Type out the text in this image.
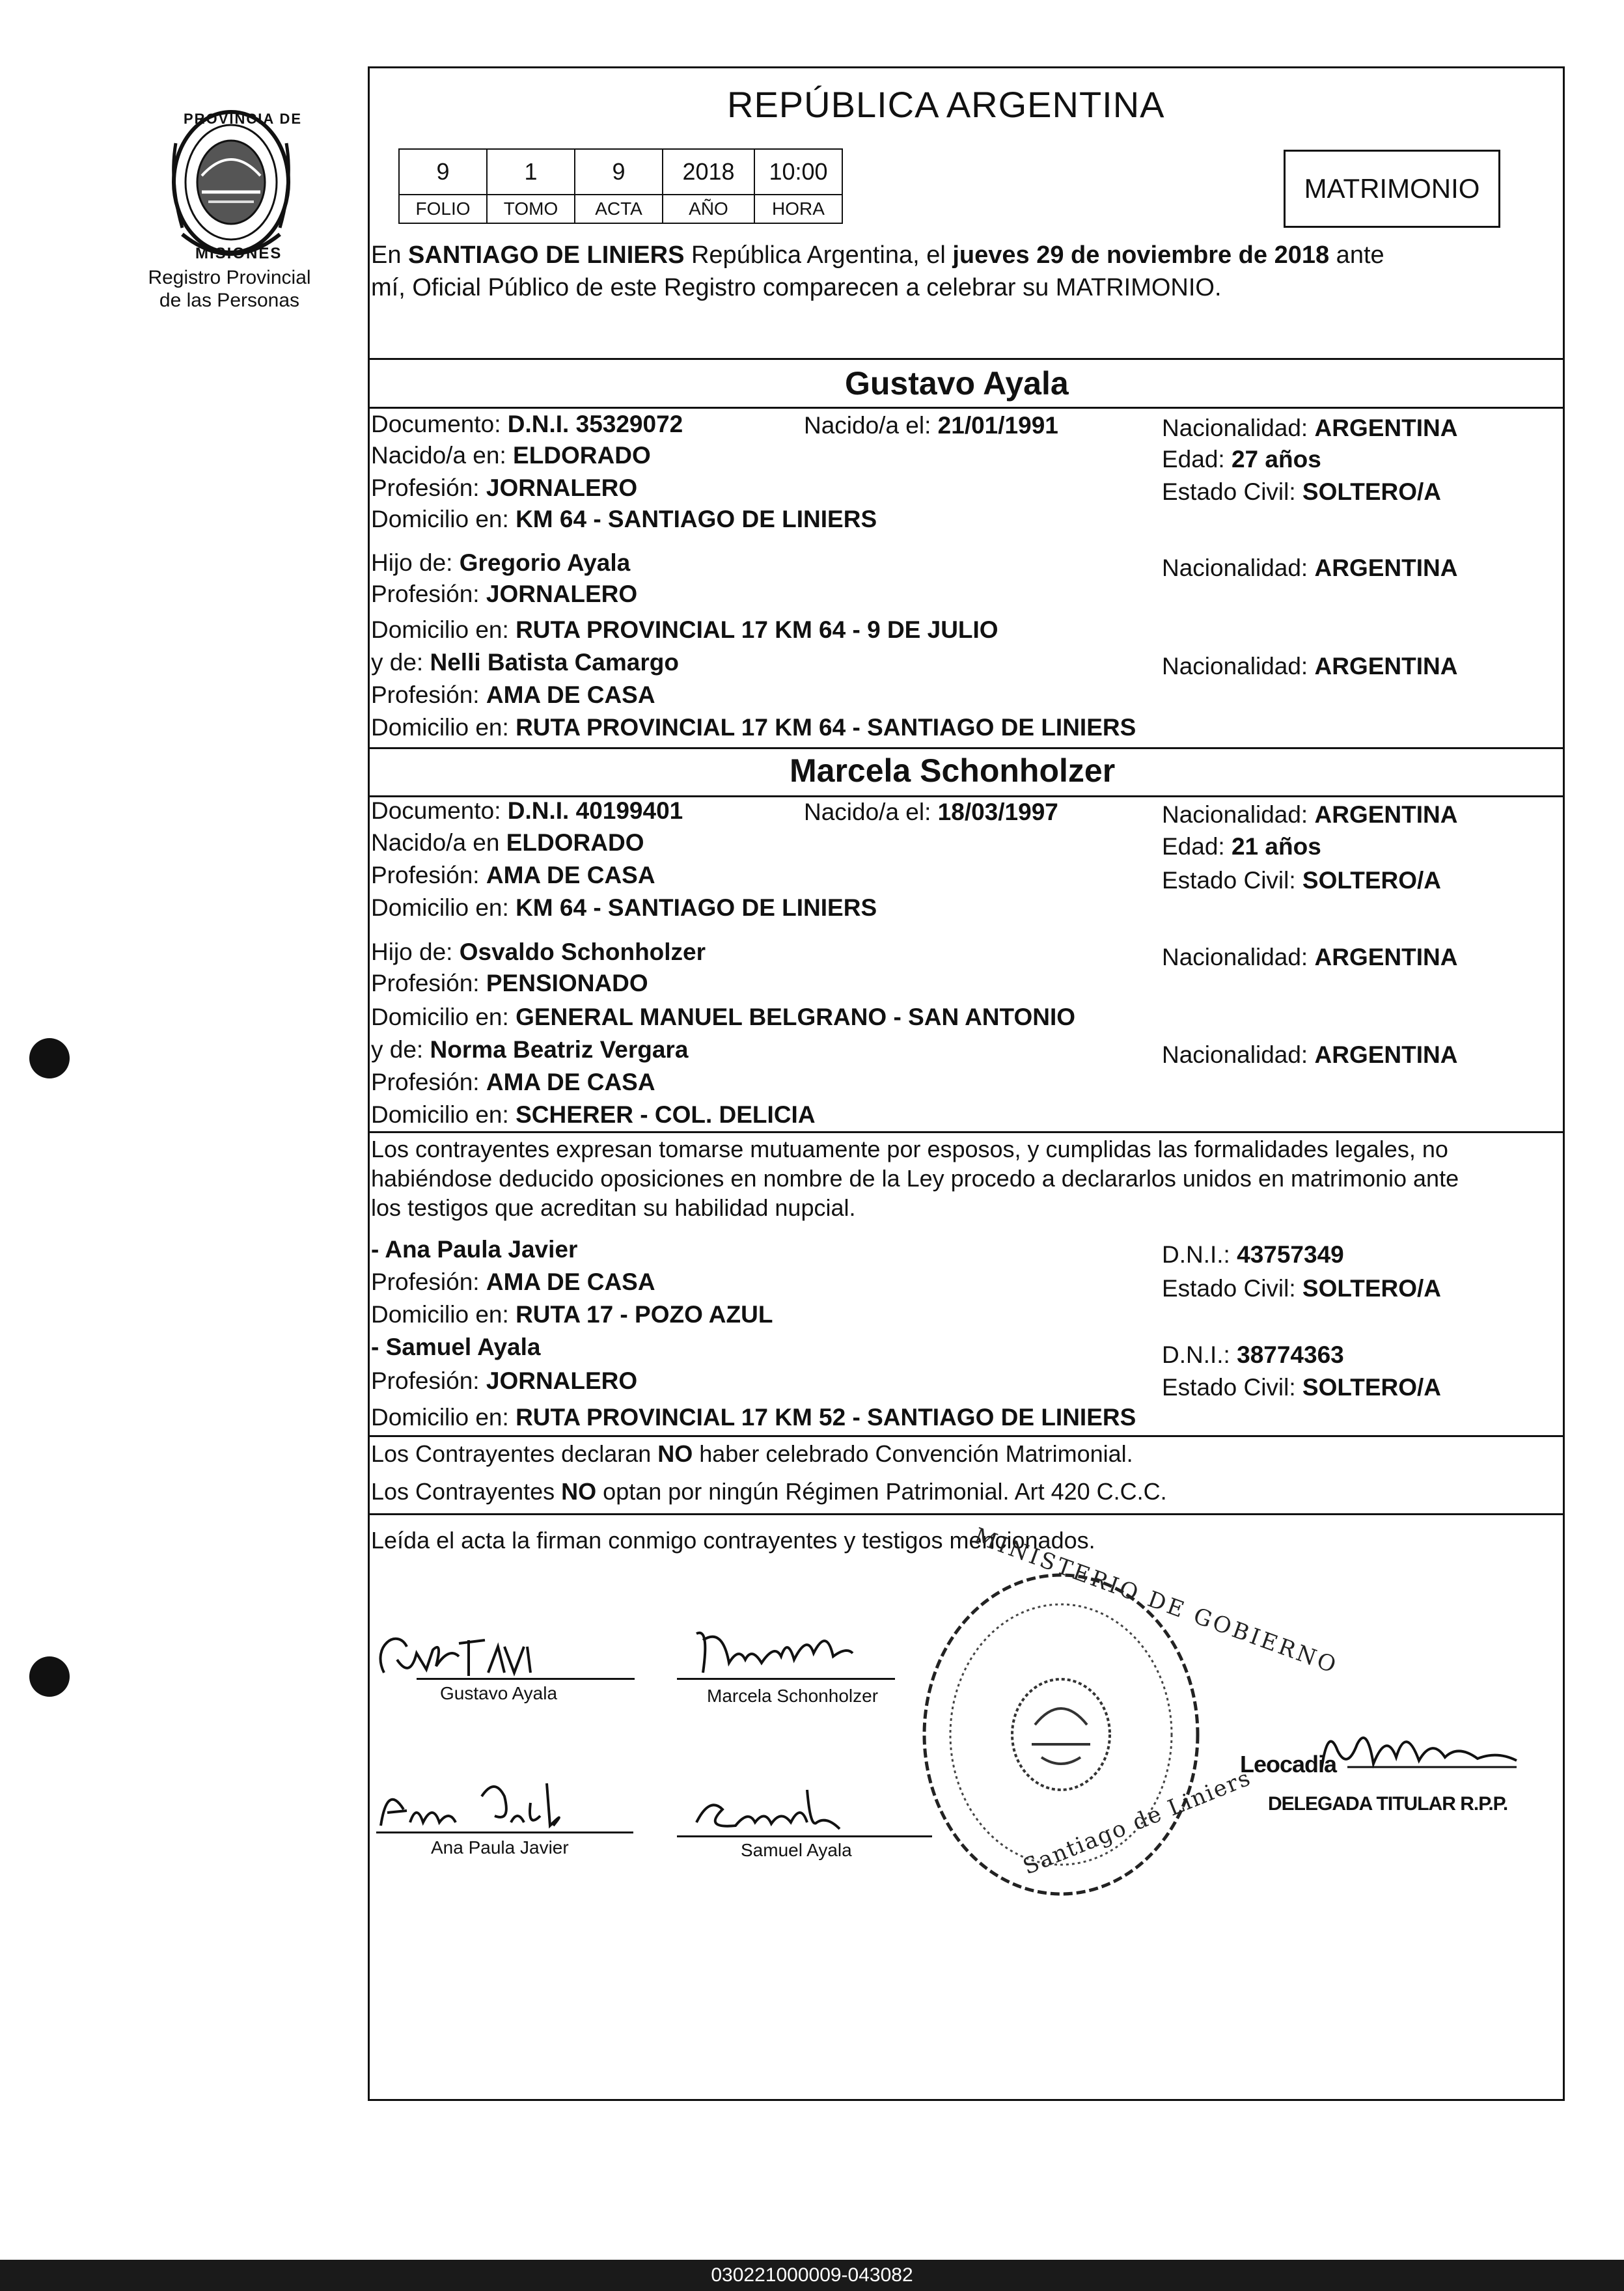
PROVINCIA DE
MISIONES
Registro Provincial
de las Personas
REPÚBLICA ARGENTINA
9	1	9	2018	10:00
FOLIO	TOMO	ACTA	AÑO	HORA
MATRIMONIO
En SANTIAGO DE LINIERS República Argentina, el jueves 29 de noviembre de 2018 ante
mí, Oficial Público de este Registro comparecen a celebrar su MATRIMONIO.
Gustavo Ayala
Documento: D.N.I. 35329072	Nacido/a el: 21/01/1991	Nacionalidad: ARGENTINA
Nacido/a en: ELDORADO	Edad: 27 años
Profesión: JORNALERO	Estado Civil: SOLTERO/A
Domicilio en: KM 64 - SANTIAGO DE LINIERS
Hijo de: Gregorio Ayala	Nacionalidad: ARGENTINA
Profesión: JORNALERO
Domicilio en: RUTA PROVINCIAL 17 KM 64 - 9 DE JULIO
y de: Nelli Batista Camargo	Nacionalidad: ARGENTINA
Profesión: AMA DE CASA
Domicilio en: RUTA PROVINCIAL 17 KM 64 - SANTIAGO DE LINIERS
Marcela Schonholzer
Documento: D.N.I. 40199401	Nacido/a el: 18/03/1997	Nacionalidad: ARGENTINA
Nacido/a en ELDORADO	Edad: 21 años
Profesión: AMA DE CASA	Estado Civil: SOLTERO/A
Domicilio en: KM 64 - SANTIAGO DE LINIERS
Hijo de: Osvaldo Schonholzer	Nacionalidad: ARGENTINA
Profesión: PENSIONADO
Domicilio en: GENERAL MANUEL BELGRANO - SAN ANTONIO
y de: Norma Beatriz Vergara	Nacionalidad: ARGENTINA
Profesión: AMA DE CASA
Domicilio en: SCHERER - COL. DELICIA
Los contrayentes expresan tomarse mutuamente por esposos, y cumplidas las formalidades legales, no
habiéndose deducido oposiciones en nombre de la Ley procedo a declararlos unidos en matrimonio ante
los testigos que acreditan su habilidad nupcial.
- Ana Paula Javier	D.N.I.: 43757349
Profesión: AMA DE CASA	Estado Civil: SOLTERO/A
Domicilio en: RUTA 17 - POZO AZUL
- Samuel Ayala	D.N.I.: 38774363
Profesión: JORNALERO	Estado Civil: SOLTERO/A
Domicilio en: RUTA PROVINCIAL 17 KM 52 - SANTIAGO DE LINIERS
Los Contrayentes declaran NO haber celebrado Convención Matrimonial.
Los Contrayentes NO optan por ningún Régimen Patrimonial. Art 420 C.C.C.
Leída el acta la firman conmigo contrayentes y testigos mencionados.
Gustavo Ayala	Marcela Schonholzer
Ana Paula Javier	Samuel Ayala
MINISTERIO DE GOBIERNO
Santiago de Liniers
Leocadia
DELEGADA TITULAR R.P.P.
030221000009-043082
